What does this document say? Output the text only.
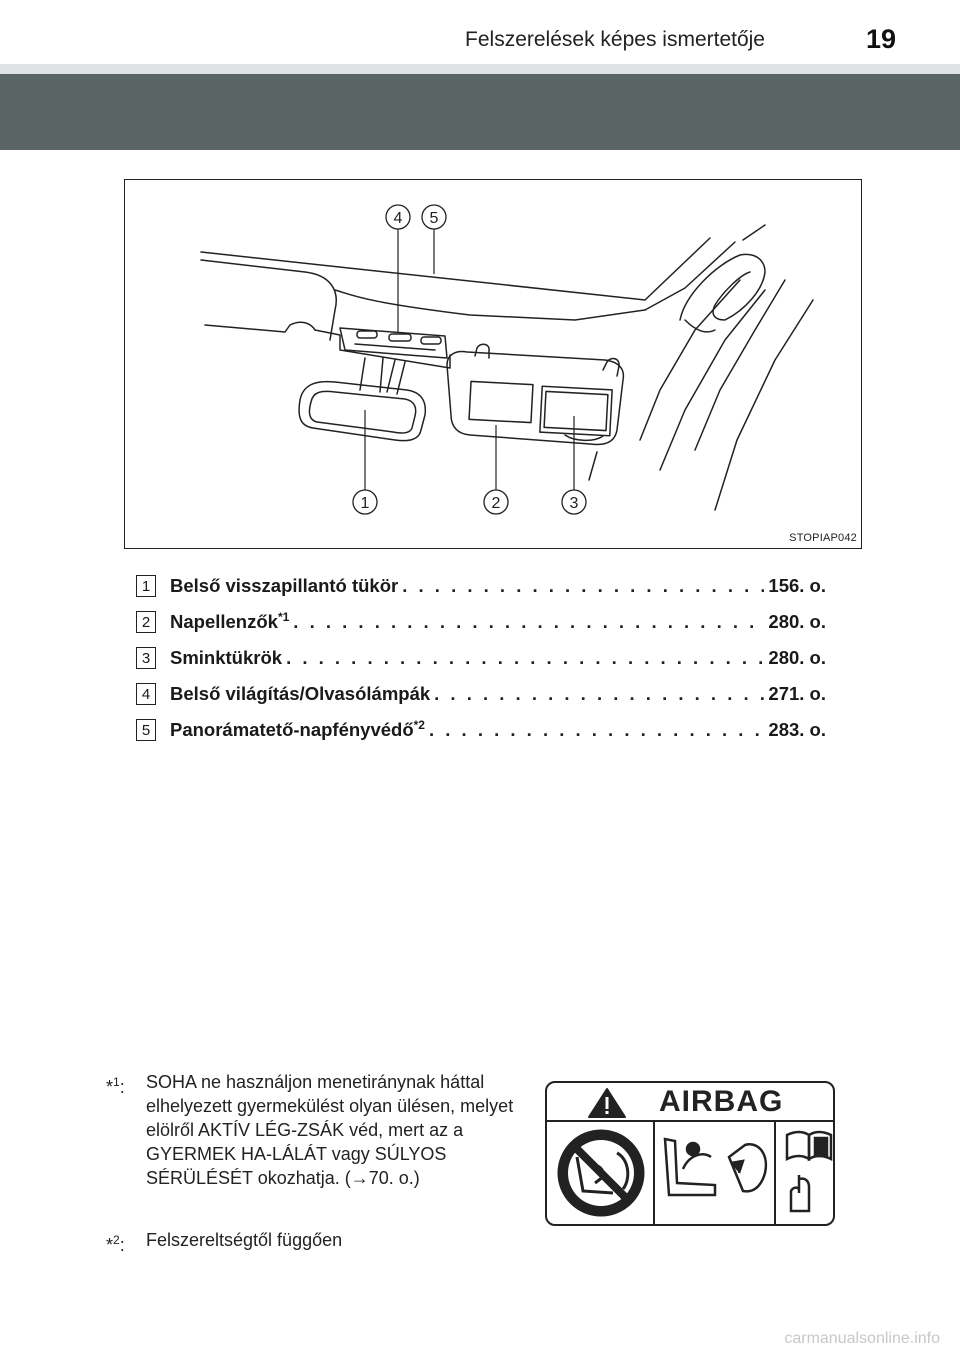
Felszerelések képes ismertetője	19
4 5
1	2	3
STOPIAP042
1	Belső visszapillantó tükör . . .	156. o.
2	Napellenzők$^{*1}$ . . .	280. o.
3	Sminktükrök . . .	280. o.
4	Belső világítás/Olvasólámpák . . .	271. o.
5	Panorámatető-napfényvédő$^{*2}$ . . .	283. o.
*$^1$:	SOHA ne használjon menetiránynak háttal elhelyezett gyermekülést olyan ülésen, melyet elölről AKTÍV LÉG-ZSÁK véd, mert az a GYERMEK HA-LÁLÁT vagy SÚLYOS SÉRÜLÉSÉT okozhatja. (→70. o.)
*$^2$:	Felszereltségtől függően
AIRBAG
carmanualsonline.info
